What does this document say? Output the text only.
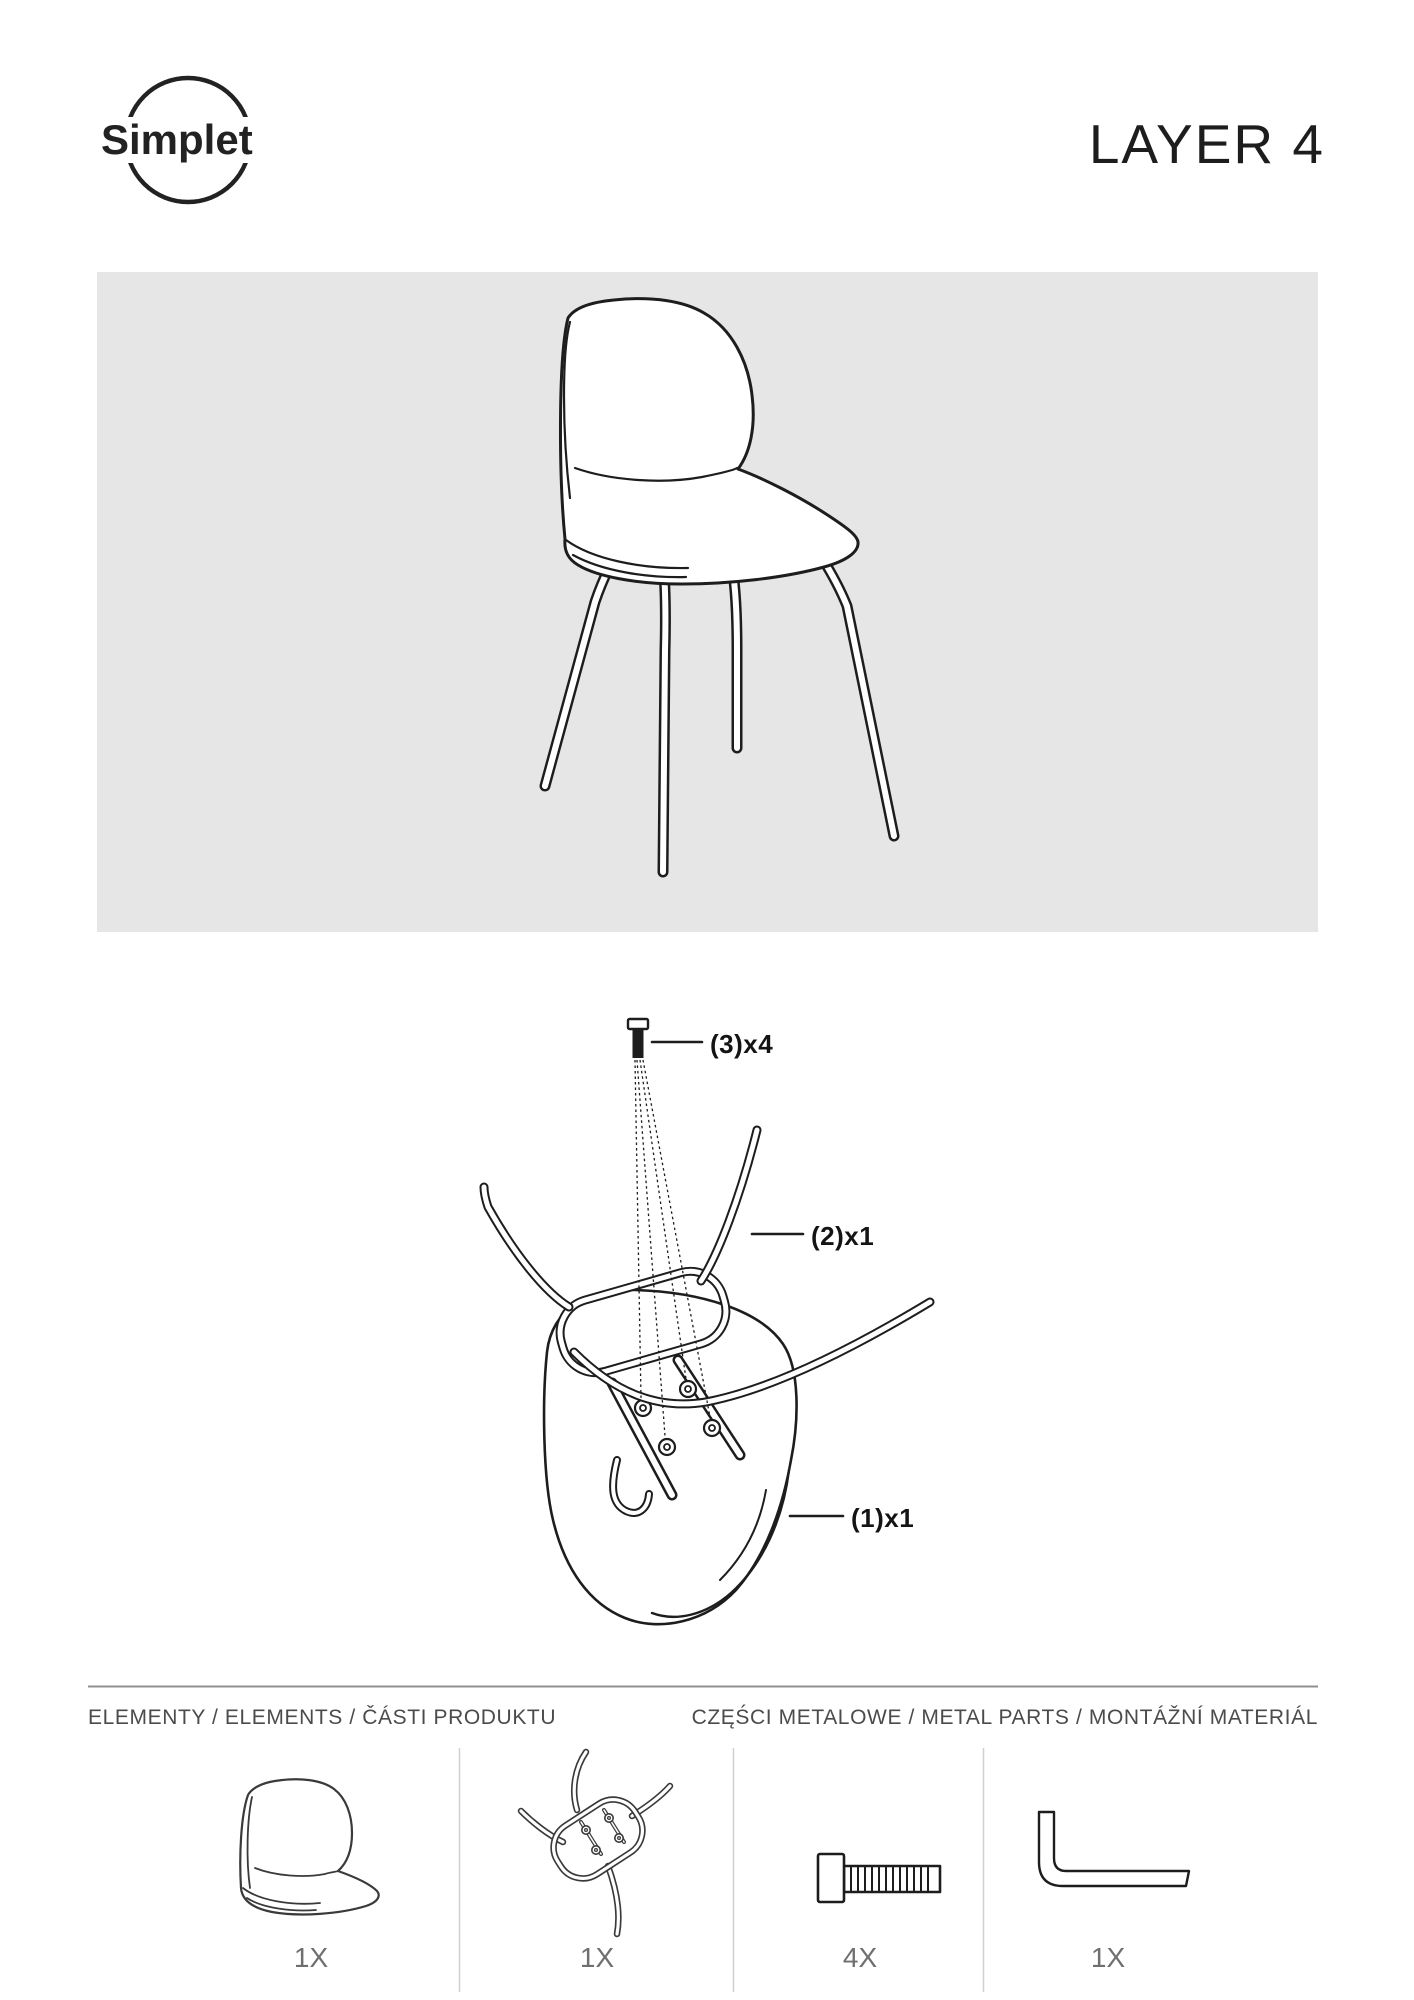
Simplet	LAYER 4
(3)x4
(2)x1
(1)x1
ELEMENTY / ELEMENTS / ČÁSTI PRODUKTU	CZĘŚCI METALOWE / METAL PARTS / MONTÁŽNÍ MATERIÁL
1X	1X	4X	1X
